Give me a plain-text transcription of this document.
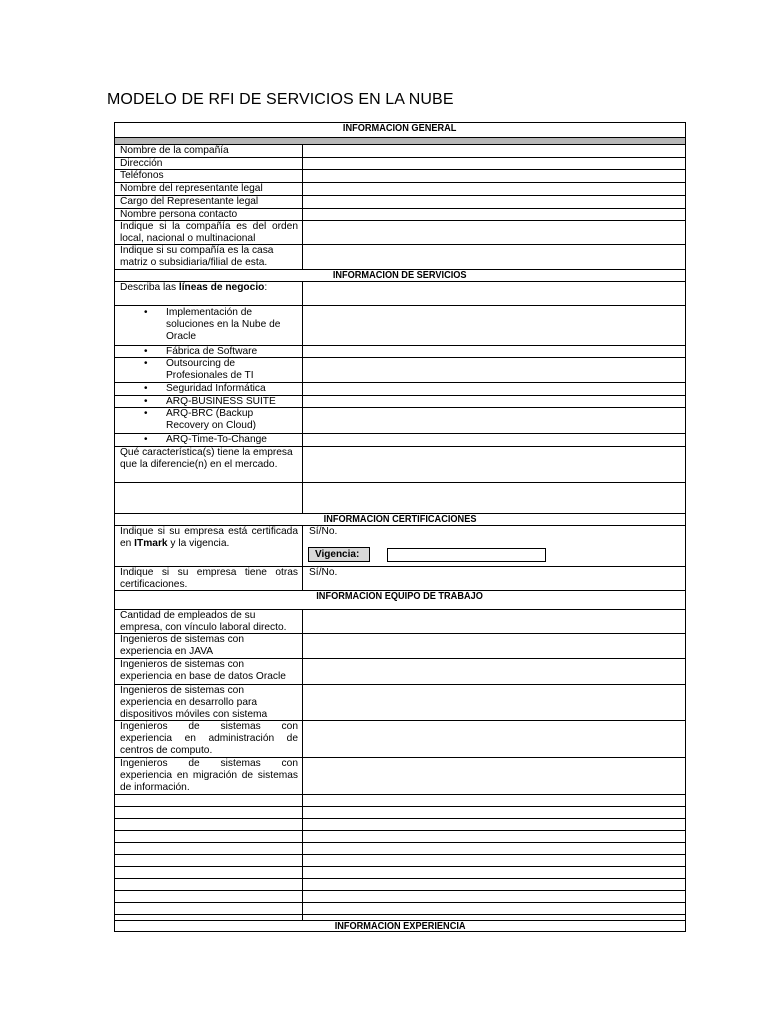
MODELO DE RFI DE SERVICIOS EN LA NUBE
INFORMACION GENERAL
Nombre de la compañía
Dirección
Teléfonos
Nombre del representante legal
Cargo del Representante legal
Nombre persona contacto
Indique si la compañía es del orden local, nacional o multinacional
Indique si su compañía es la casa matriz o subsidiaria/filial de esta.
INFORMACION DE SERVICIOS
Describa las líneas de negocio:
• Implementación de soluciones en la Nube de Oracle
• Fábrica de Software
• Outsourcing de Profesionales de TI
• Seguridad Informática
• ARQ-BUSINESS SUITE
• ARQ-BRC (Backup Recovery on Cloud)
• ARQ-Time-To-Change
Qué característica(s) tiene la empresa que la diferencie(n) en el mercado.
INFORMACION CERTIFICACIONES
Indique si su empresa está certificada en ITmark y la vigencia.
Sí/No.
Vigencia:
Indique si su empresa tiene otras certificaciones.
Sí/No.
INFORMACION EQUIPO DE TRABAJO
Cantidad de empleados de su empresa, con vínculo laboral directo.
Ingenieros de sistemas con experiencia en JAVA
Ingenieros de sistemas con experiencia en base de datos Oracle
Ingenieros de sistemas con experiencia en desarrollo para dispositivos móviles con sistema
Ingenieros de sistemas con experiencia en administración de centros de computo.
Ingenieros de sistemas con experiencia en migración de sistemas de información.
INFORMACION EXPERIENCIA
